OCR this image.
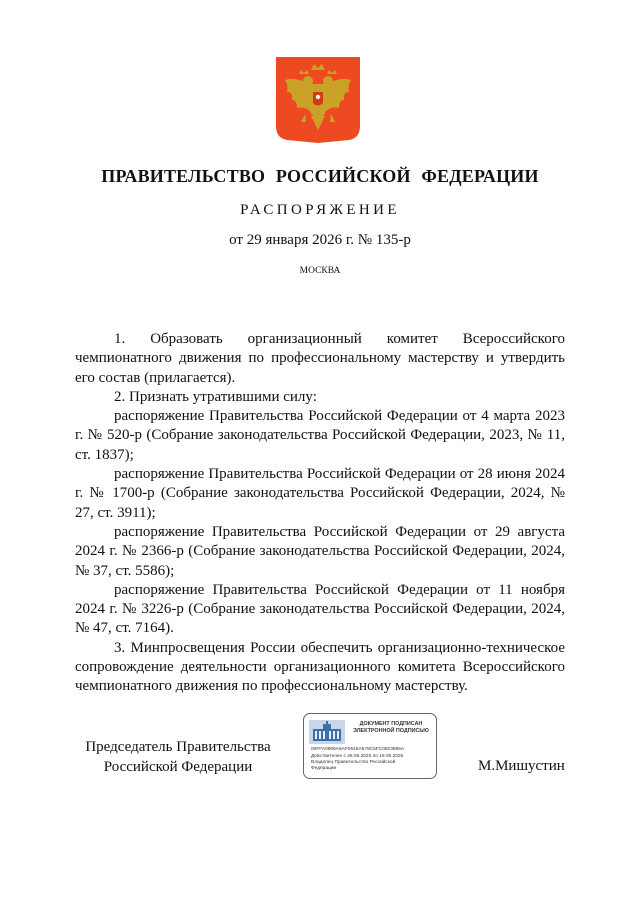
ПРАВИТЕЛЬСТВО РОССИЙСКОЙ ФЕДЕРАЦИИ
РАСПОРЯЖЕНИЕ
от 29 января 2026 г. № 135-р
МОСКВА

1. Образовать организационный комитет Всероссийского чемпионатного движения по профессиональному мастерству и утвердить его состав (прилагается).

2. Признать утратившими силу:

распоряжение Правительства Российской Федерации от 4 марта 2023 г. № 520-р (Собрание законодательства Российской Федерации, 2023, № 11, ст. 1837);

распоряжение Правительства Российской Федерации от 28 июня 2024 г. № 1700-р (Собрание законодательства Российской Федерации, 2024, № 27, ст. 3911);

распоряжение Правительства Российской Федерации от 29 августа 2024 г. № 2366-р (Собрание законодательства Российской Федерации, 2024, № 37, ст. 5586);

распоряжение Правительства Российской Федерации от 11 ноября 2024 г. № 3226-р (Собрание законодательства Российской Федерации, 2024, № 47, ст. 7164).

3. Минпросвещения России обеспечить организационно-техническое сопровождение деятельности организационного комитета Всероссийского чемпионатного движения по профессиональному мастерству.

Председатель Правительства
Российской Федерации
ДОКУМЕНТ ПОДПИСАН
ЭЛЕКТРОННОЙ ПОДПИСЬЮ
00FFA0906A6AF0615A579C5FC0823885A
Действителен с 26.06.2025 по 19.09.2026
Владелец Правительство Российской
Федерации	М.Мишустин
